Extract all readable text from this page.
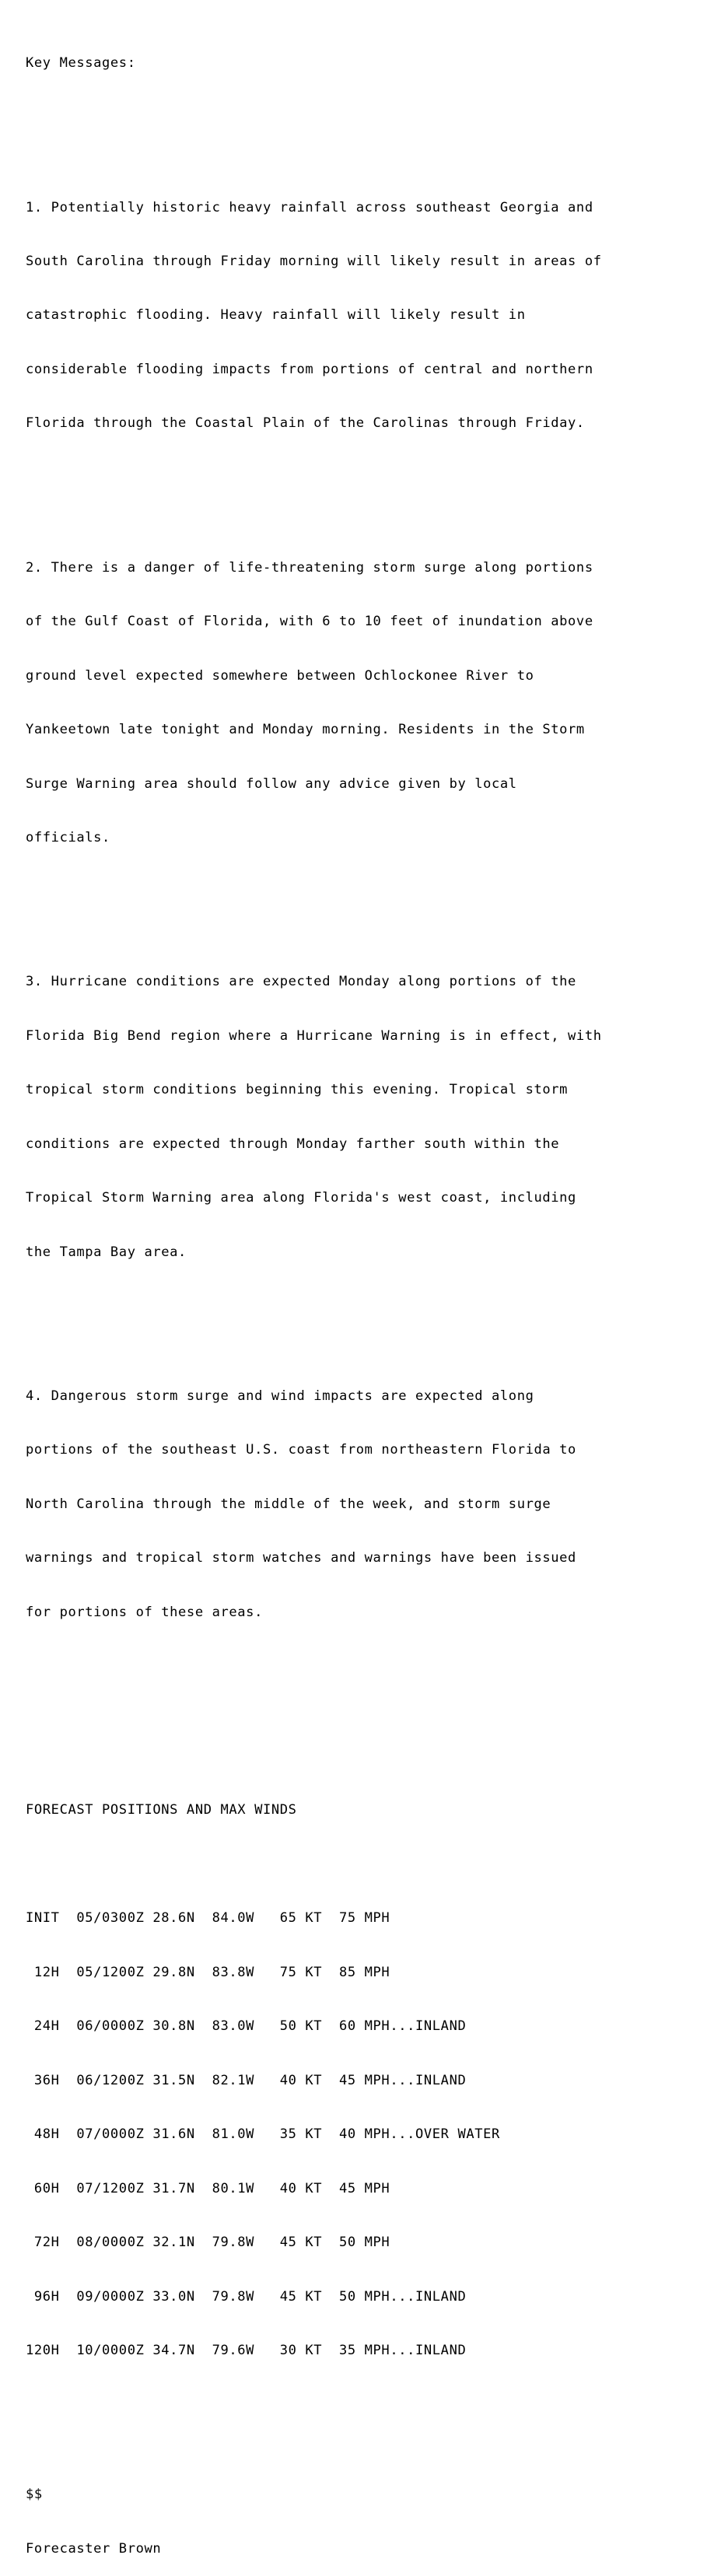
Key Messages:

1. Potentially historic heavy rainfall across southeast Georgia and

South Carolina through Friday morning will likely result in areas of

catastrophic flooding. Heavy rainfall will likely result in

considerable flooding impacts from portions of central and northern

Florida through the Coastal Plain of the Carolinas through Friday.

2. There is a danger of life-threatening storm surge along portions

of the Gulf Coast of Florida, with 6 to 10 feet of inundation above

ground level expected somewhere between Ochlockonee River to

Yankeetown late tonight and Monday morning. Residents in the Storm

Surge Warning area should follow any advice given by local

officials.

3. Hurricane conditions are expected Monday along portions of the

Florida Big Bend region where a Hurricane Warning is in effect, with

tropical storm conditions beginning this evening. Tropical storm

conditions are expected through Monday farther south within the

Tropical Storm Warning area along Florida's west coast, including

the Tampa Bay area.

4. Dangerous storm surge and wind impacts are expected along

portions of the southeast U.S. coast from northeastern Florida to

North Carolina through the middle of the week, and storm surge

warnings and tropical storm watches and warnings have been issued

for portions of these areas.

FORECAST POSITIONS AND MAX WINDS

INIT  05/0300Z 28.6N  84.0W   65 KT  75 MPH

12H  05/1200Z 29.8N  83.8W   75 KT  85 MPH

24H  06/0000Z 30.8N  83.0W   50 KT  60 MPH...INLAND

36H  06/1200Z 31.5N  82.1W   40 KT  45 MPH...INLAND

48H  07/0000Z 31.6N  81.0W   35 KT  40 MPH...OVER WATER

60H  07/1200Z 31.7N  80.1W   40 KT  45 MPH

72H  08/0000Z 32.1N  79.8W   45 KT  50 MPH

96H  09/0000Z 33.0N  79.8W   45 KT  50 MPH...INLAND

120H  10/0000Z 34.7N  79.6W   30 KT  35 MPH...INLAND

$$

Forecaster Brown
